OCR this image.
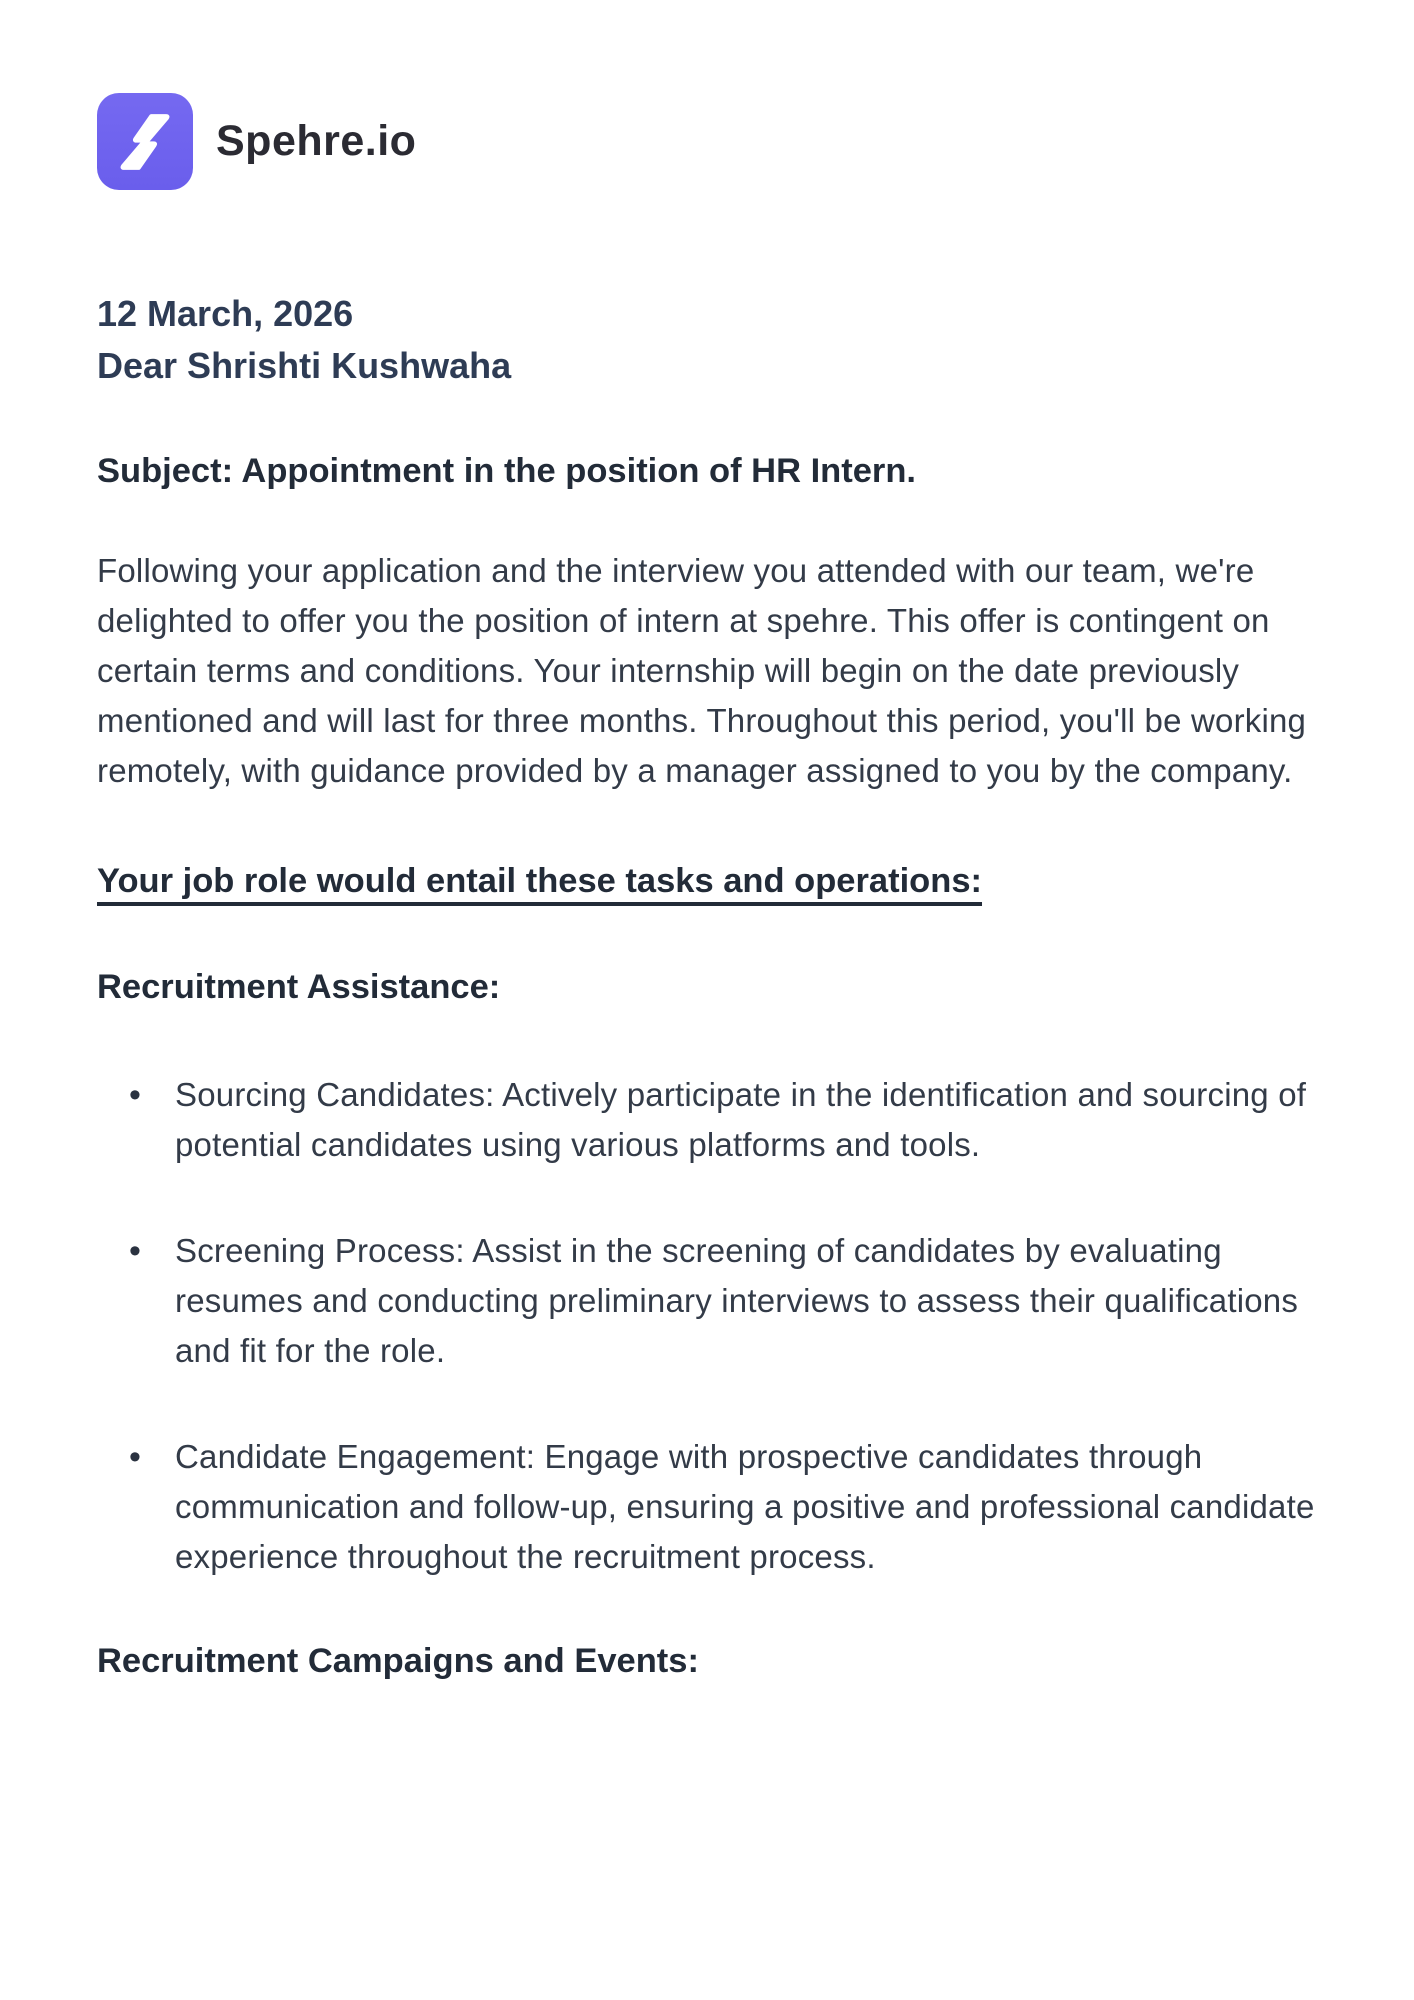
Spehre.io
12 March, 2026
Dear Shrishti Kushwaha
Subject: Appointment in the position of HR Intern.

Following your application and the interview you attended with our team, we're delighted to offer you the position of intern at spehre. This offer is contingent on certain terms and conditions. Your internship will begin on the date previously mentioned and will last for three months. Throughout this period, you'll be working remotely, with guidance provided by a manager assigned to you by the company.

Your job role would entail these tasks and operations:
Recruitment Assistance:
• Sourcing Candidates: Actively participate in the identification and sourcing of potential candidates using various platforms and tools.
• Screening Process: Assist in the screening of candidates by evaluating resumes and conducting preliminary interviews to assess their qualifications and fit for the role.
• Candidate Engagement: Engage with prospective candidates through communication and follow-up, ensuring a positive and professional candidate experience throughout the recruitment process.
Recruitment Campaigns and Events:
